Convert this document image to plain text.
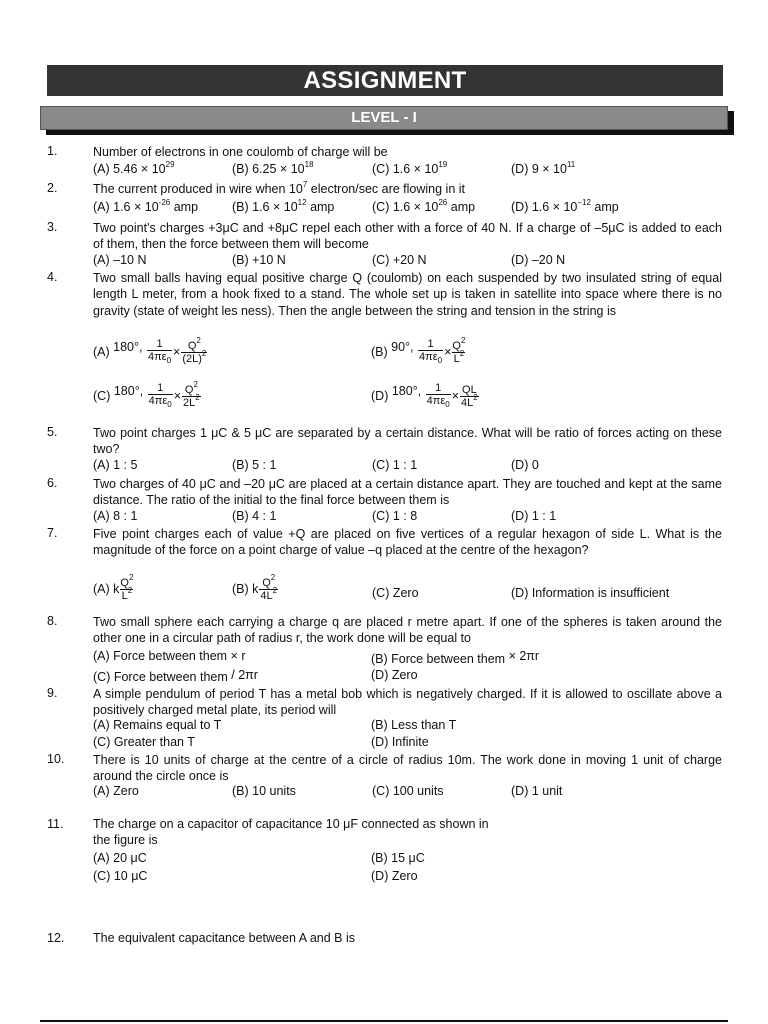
ASSIGNMENT
LEVEL - I
1.	Number of electrons in one coulomb of charge will be
(A) $5.46 \times 10^{29}$	(B) $6.25 \times 10^{18}$	(C) $1.6 \times 10^{19}$	(D) $9 \times 10^{11}$
2.	The current produced in wire when $10^7$ electron/sec are flowing in it
(A) $1.6 \times 10^{-26}$ amp	(B) $1.6 \times 10^{12}$ amp	(C) $1.6 \times 10^{26}$ amp	(D) $1.6 \times 10^{-12}$ amp
3.	Two point's charges +3μC and +8μC repel each other with a force of 40 N. If a charge of –5μC is added to each of them, then the force between them will become
(A) –10 N	(B) +10 N	(C) +20 N	(D) –20 N
4.	Two small balls having equal positive charge Q (coulomb) on each suspended by two insulated string of equal length L meter, from a hook fixed to a stand. The whole set up is taken in satellite into space where there is no gravity (state of weight les ness). Then the angle between the string and tension in the string is
(A) 180°, $\frac{1}{4\pi\varepsilon_0} \times \frac{Q^2}{(2L)^2}$	(B) 90°, $\frac{1}{4\pi\varepsilon_0} \times \frac{Q^2}{L^2}$
(C) 180°, $\frac{1}{4\pi\varepsilon_0} \times \frac{Q^2}{2L^2}$	(D) 180°, $\frac{1}{4\pi\varepsilon_0} \times \frac{QL}{4L^2}$
5.	Two point charges 1 μC & 5 μC are separated by a certain distance. What will be ratio of forces acting on these two?
(A) 1 : 5	(B) 5 : 1	(C) 1 : 1	(D) 0
6.	Two charges of 40 μC and –20 μC are placed at a certain distance apart. They are touched and kept at the same distance. The ratio of the initial to the final force between them is
(A) 8 : 1	(B) 4 : 1	(C) 1 : 8	(D) 1 : 1
7.	Five point charges each of value +Q are placed on five vertices of a regular hexagon of side L. What is the magnitude of the force on a point charge of value –q placed at the centre of the hexagon?
(A) k $\frac{Q^2}{L^2}$	(B) k $\frac{Q^2}{4L^2}$	(C) Zero	(D) Information is insufficient
8.	Two small sphere each carrying a charge q are placed r metre apart. If one of the spheres is taken around the other one in a circular path of radius r, the work done will be equal to
(A) Force between them × r	(B) Force between them × 2πr
(C) Force between them / 2πr	(D) Zero
9.	A simple pendulum of period T has a metal bob which is negatively charged. If it is allowed to oscillate above a positively charged metal plate, its period will
(A) Remains equal to T	(B) Less than T
(C) Greater than T	(D) Infinite
10. There is 10 units of charge at the centre of a circle of radius 10m. The work done in moving 1 unit of charge around the circle once is
(A) Zero	(B) 10 units	(C) 100 units	(D) 1 unit
11. The charge on a capacitor of capacitance 10 μF connected as shown in
the figure is
(A) 20 μC	(B) 15 μC
(C) 10 μC	(D) Zero
12. The equivalent capacitance between A and B is
